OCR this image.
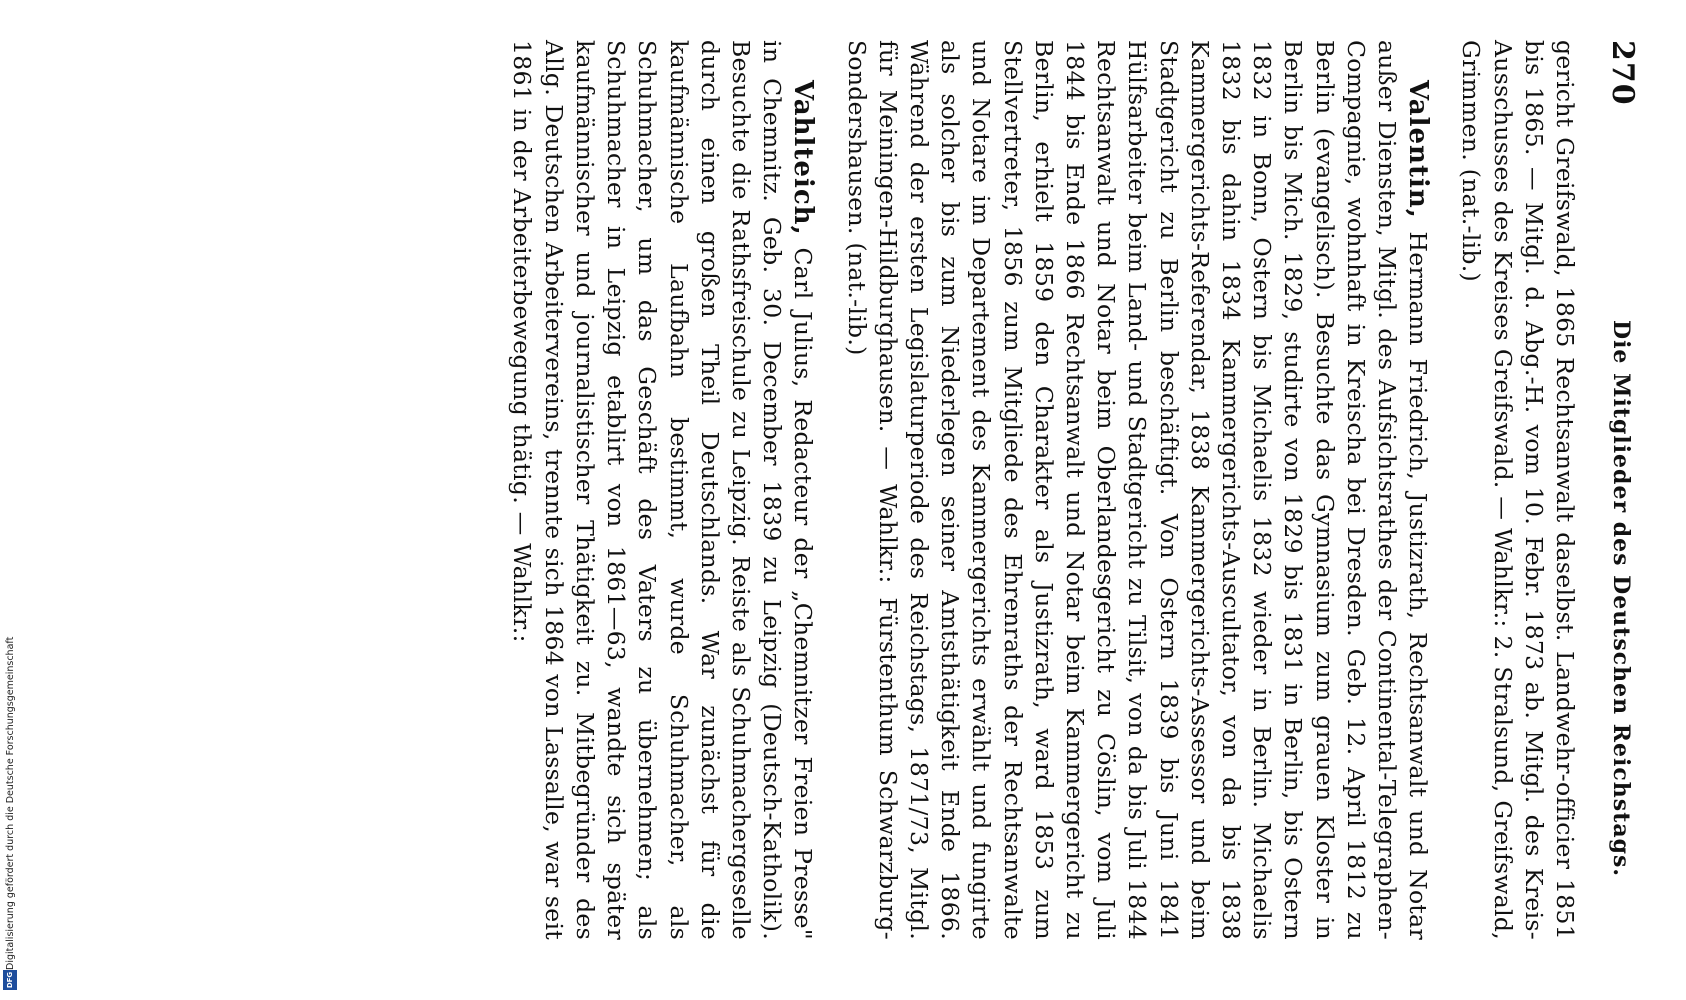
270
Die Mitglieder des Deutschen Reichstags.

gericht Greifswald, 1865 Rechtsanwalt daselbst. Landwehr-officier 1851 bis 1865. — Mitgl. d. Abg.-H. vom 10. Febr. 1873 ab. Mitgl. des Kreis-Ausschusses des Kreises Greifswald. — Wahlkr.: 2. Stralsund, Greifswald, Grimmen. (nat.-lib.)

Valentin, Hermann Friedrich, Justizrath, Rechtsanwalt und Notar außer Diensten, Mitgl. des Aufsichtsrathes der Continental-Telegraphen-Compagnie, wohnhaft in Kreischa bei Dresden. Geb. 12. April 1812 zu Berlin (evangelisch). Besuchte das Gymnasium zum grauen Kloster in Berlin bis Mich. 1829, studirte von 1829 bis 1831 in Berlin, bis Ostern 1832 in Bonn, Ostern bis Michaelis 1832 wieder in Berlin. Michaelis 1832 bis dahin 1834 Kammergerichts-Auscultator, von da bis 1838 Kammergerichts-Referendar, 1838 Kammergerichts-Assessor und beim Stadtgericht zu Berlin beschäftigt. Von Ostern 1839 bis Juni 1841 Hülfsarbeiter beim Land- und Stadtgericht zu Tilsit, von da bis Juli 1844 Rechtsanwalt und Notar beim Oberlandesgericht zu Cöslin, vom Juli 1844 bis Ende 1866 Rechtsanwalt und Notar beim Kammergericht zu Berlin, erhielt 1859 den Charakter als Justizrath, ward 1853 zum Stellvertreter, 1856 zum Mitgliede des Ehrenraths der Rechtsanwalte und Notare im Departement des Kammergerichts erwählt und fungirte als solcher bis zum Niederlegen seiner Amtsthätigkeit Ende 1866. Während der ersten Legislaturperiode des Reichstags, 1871/73, Mitgl. für Meiningen-Hildburghausen. — Wahlkr.: Fürstenthum Schwarzburg-Sondershausen. (nat.-lib.)

Vahlteich, Carl Julius, Redacteur der „Chemnitzer Freien Presse" in Chemnitz. Geb. 30. December 1839 zu Leipzig (Deutsch-Katholik). Besuchte die Rathsfreischule zu Leipzig. Reiste als Schuhmachergeselle durch einen großen Theil Deutschlands. War zunächst für die kaufmännische Laufbahn bestimmt, wurde Schuhmacher, als Schuhmacher, um das Geschäft des Vaters zu übernehmen; als Schuhmacher in Leipzig etablirt von 1861—63, wandte sich später kaufmännischer und journalistischer Thätigkeit zu. Mitbegründer des Allg. Deutschen Arbeitervereins, trennte sich 1864 von Lassalle, war seit 1861 in der Arbeiterbewegung thätig. — Wahlkr.:

Digitalisierung gefördert durch die Deutsche Forschungsgemeinschaft
DFG
